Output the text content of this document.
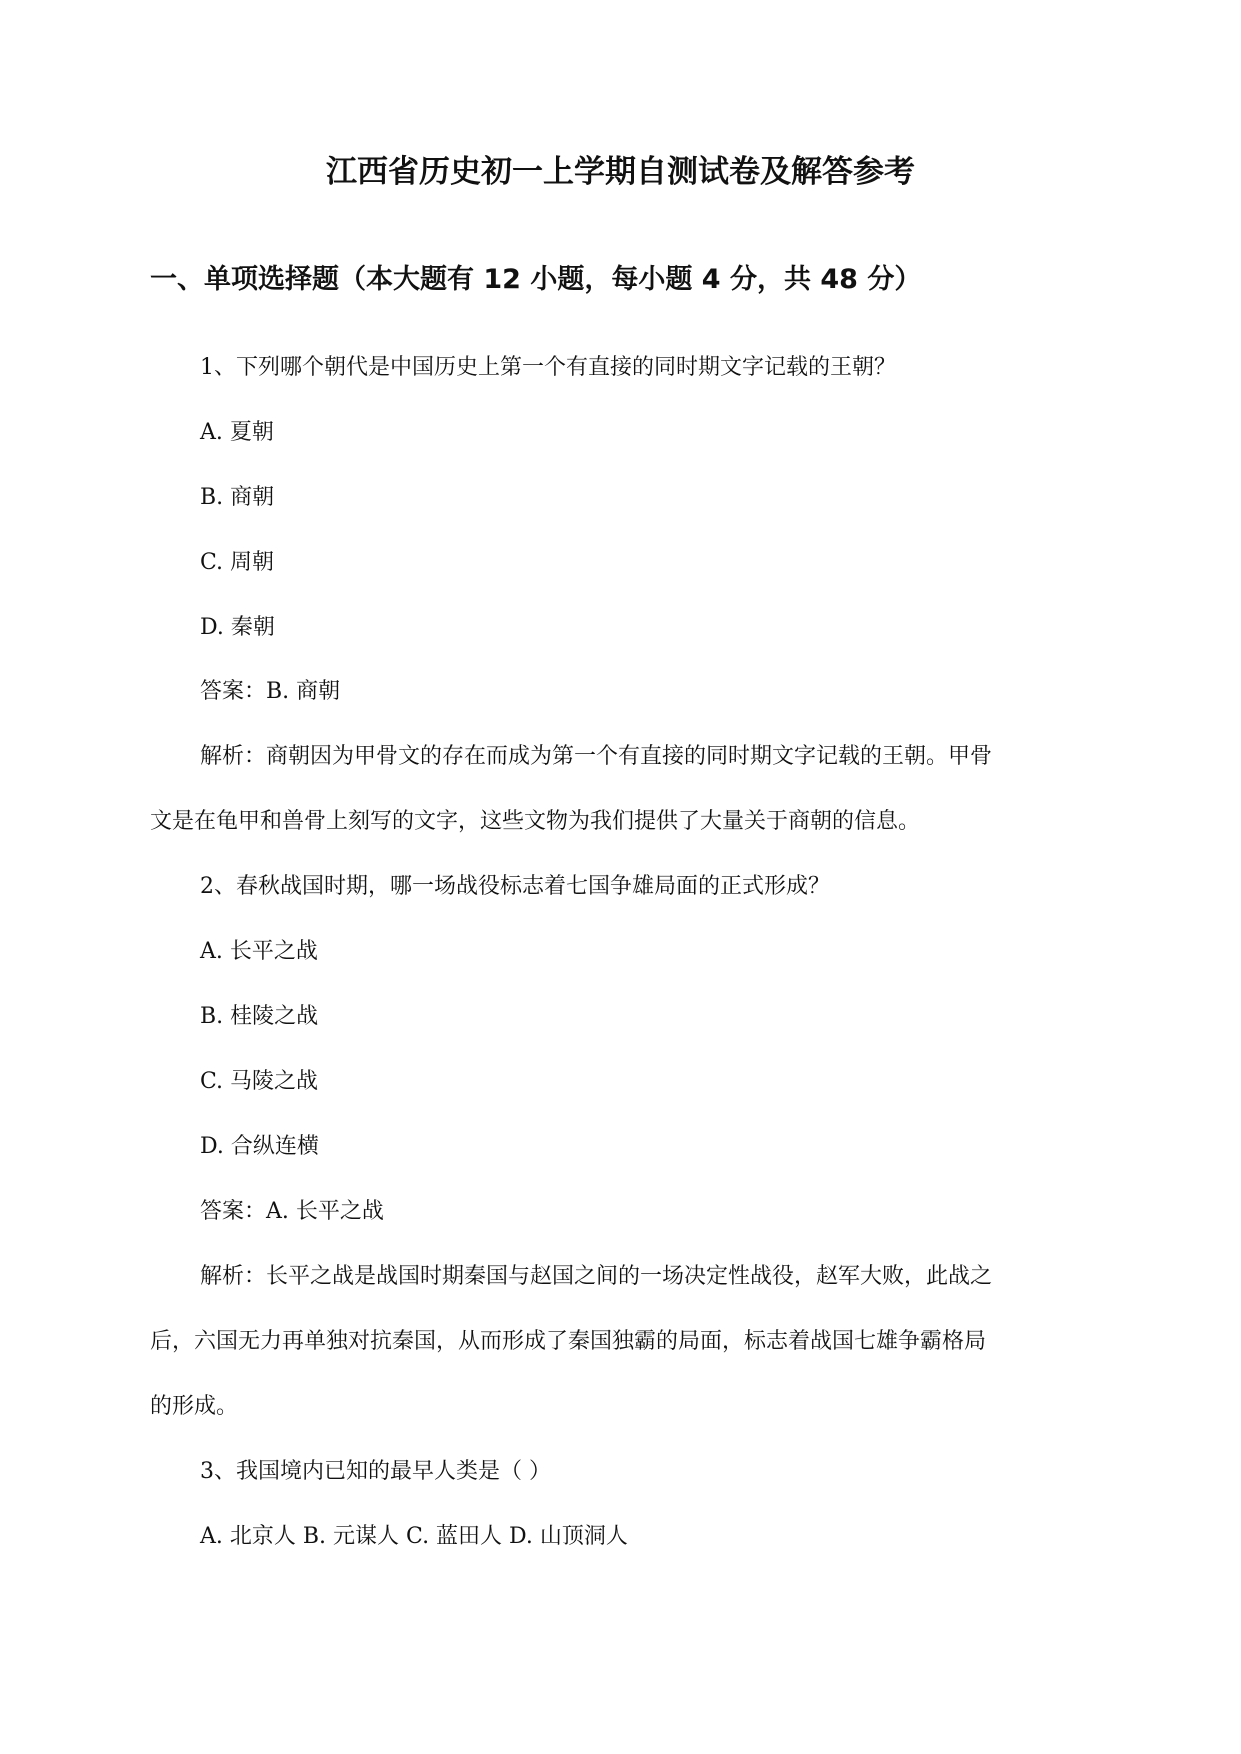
江西省历史初一上学期自测试卷及解答参考
一、单项选择题（本大题有 12 小题，每小题 4 分，共 48 分）
1、下列哪个朝代是中国历史上第一个有直接的同时期文字记载的王朝？
A. 夏朝
B. 商朝
C. 周朝
D. 秦朝
答案：B. 商朝
解析：商朝因为甲骨文的存在而成为第一个有直接的同时期文字记载的王朝。甲骨
文是在龟甲和兽骨上刻写的文字，这些文物为我们提供了大量关于商朝的信息。
2、春秋战国时期，哪一场战役标志着七国争雄局面的正式形成？
A. 长平之战
B. 桂陵之战
C. 马陵之战
D. 合纵连横
答案：A. 长平之战
解析：长平之战是战国时期秦国与赵国之间的一场决定性战役，赵军大败，此战之
后，六国无力再单独对抗秦国，从而形成了秦国独霸的局面，标志着战国七雄争霸格局
的形成。
3、我国境内已知的最早人类是（ ）
A. 北京人 B. 元谋人 C. 蓝田人 D. 山顶洞人
